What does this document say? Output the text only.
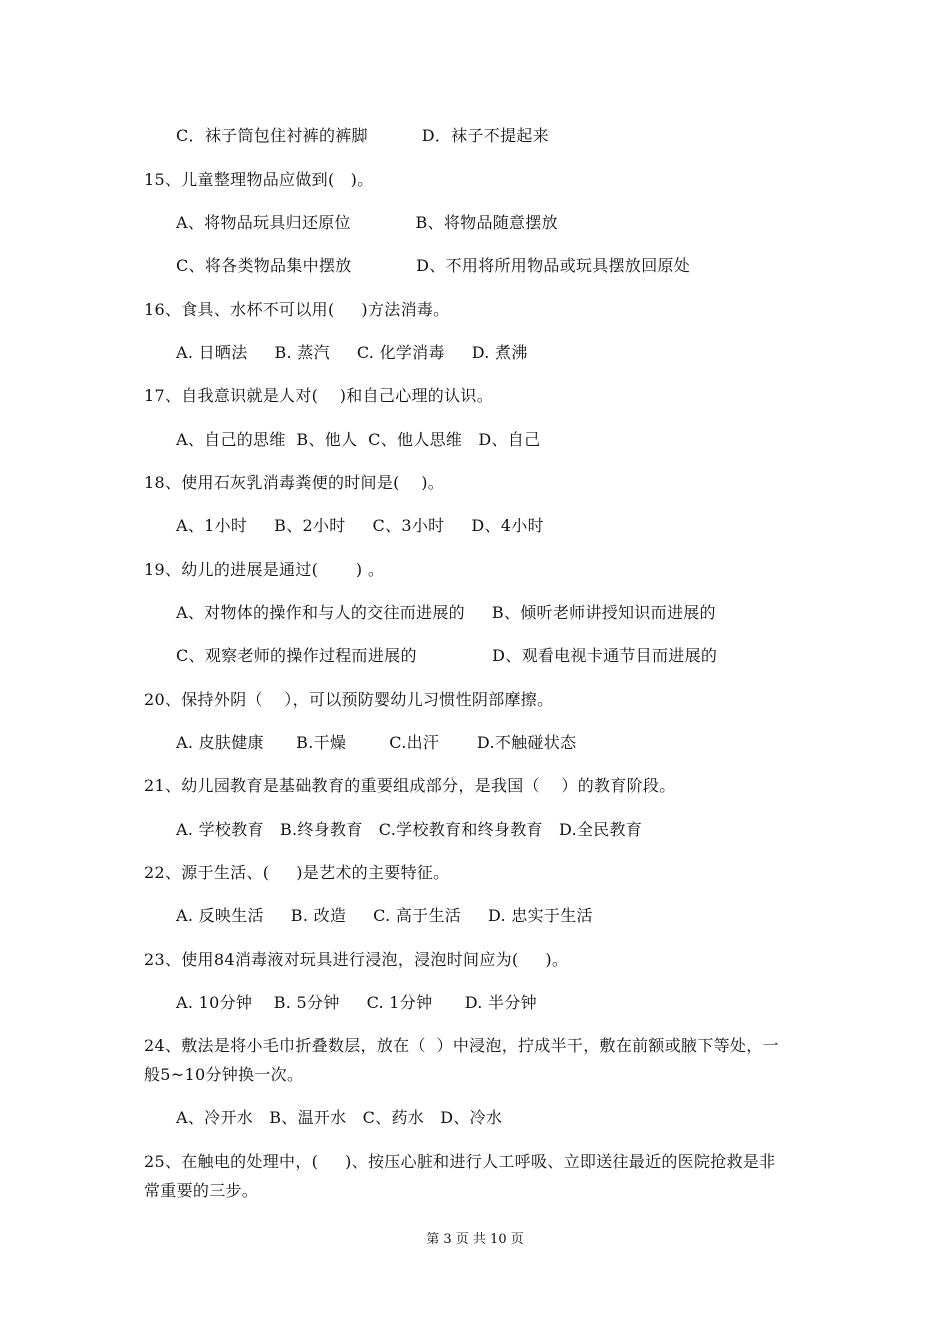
C．袜子筒包住衬裤的裤脚          D．袜子不提起来
15、儿童整理物品应做到(   )。
A、将物品玩具归还原位            B、将物品随意摆放
C、将各类物品集中摆放            D、不用将所用物品或玩具摆放回原处
16、食具、水杯不可以用(     )方法消毒。
A. 日晒法     B. 蒸汽     C. 化学消毒     D. 煮沸
17、自我意识就是人对(    )和自己心理的认识。
A、自己的思维  B、他人  C、他人思维   D、自己
18、使用石灰乳消毒粪便的时间是(    )。
A、1小时     B、2小时     C、3小时     D、4小时
19、幼儿的进展是通过(       ) 。
A、对物体的操作和与人的交往而进展的     B、倾听老师讲授知识而进展的
C、观察老师的操作过程而进展的              D、观看电视卡通节目而进展的
20、保持外阴（    ），可以预防婴幼儿习惯性阴部摩擦。
A. 皮肤健康      B.干燥        C.出汗       D.不触碰状态
21、幼儿园教育是基础教育的重要组成部分，是我国（    ）的教育阶段。
A. 学校教育   B.终身教育   C.学校教育和终身教育   D.全民教育
22、源于生活、(     )是艺术的主要特征。
A. 反映生活     B. 改造     C. 高于生活     D. 忠实于生活
23、使用84消毒液对玩具进行浸泡，浸泡时间应为(     )。
A. 10分钟    B. 5分钟     C. 1分钟      D. 半分钟
24、敷法是将小毛巾折叠数层，放在（  ）中浸泡，拧成半干，敷在前额或腋下等处，一
般5~10分钟换一次。
A、冷开水   B、温开水   C、药水   D、冷水
25、在触电的处理中，(     )、按压心脏和进行人工呼吸、立即送往最近的医院抢救是非
常重要的三步。
第 3 页 共 10 页
